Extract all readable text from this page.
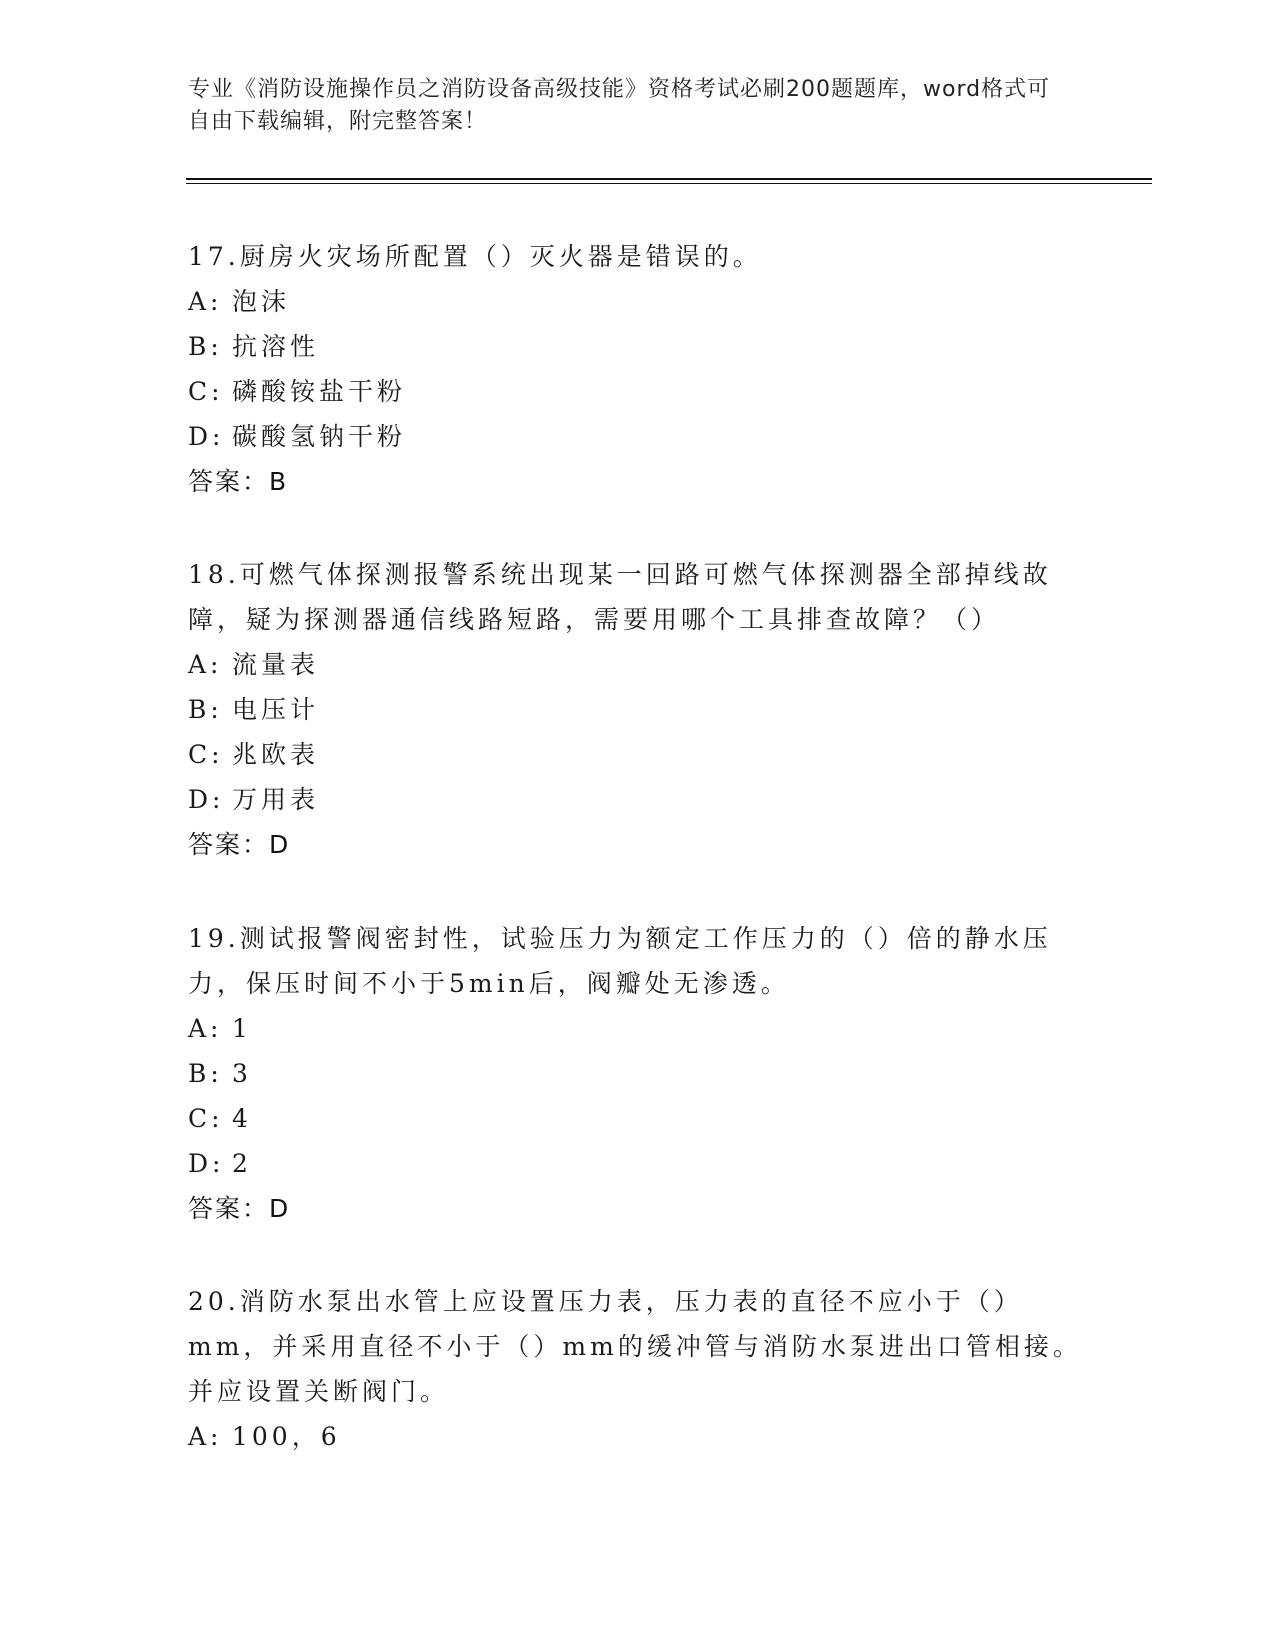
专业《消防设施操作员之消防设备高级技能》资格考试必刷200题题库，word格式可自由下载编辑，附完整答案！

17.厨房火灾场所配置（）灭火器是错误的。

A: 泡沫

B: 抗溶性

C: 磷酸铵盐干粉

D: 碳酸氢钠干粉

答案：B

18.可燃气体探测报警系统出现某一回路可燃气体探测器全部掉线故障，疑为探测器通信线路短路，需要用哪个工具排查故障？（）

A: 流量表

B: 电压计

C: 兆欧表

D: 万用表

答案：D

19.测试报警阀密封性，试验压力为额定工作压力的（）倍的静水压力，保压时间不小于5min后，阀瓣处无渗透。

A: 1

B: 3

C: 4

D: 2

答案：D

20.消防水泵出水管上应设置压力表，压力表的直径不应小于（）mm，并采用直径不小于（）mm的缓冲管与消防水泵进出口管相接。并应设置关断阀门。

A: 100，6
